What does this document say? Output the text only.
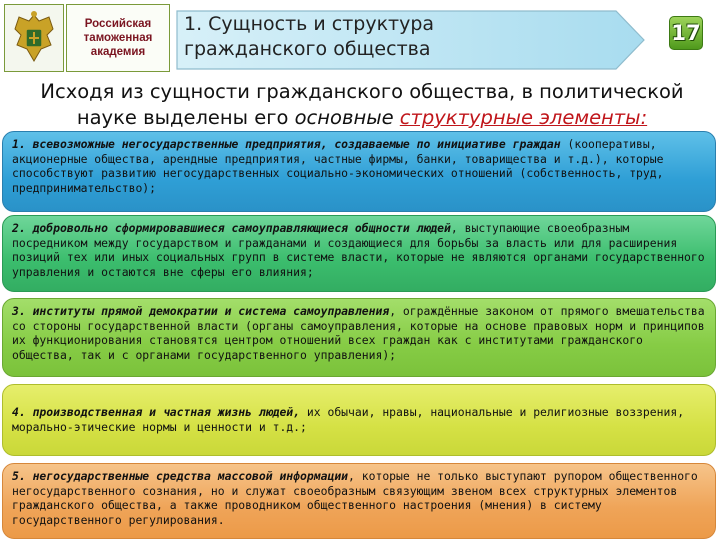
Российская
таможенная
академия
1. Сущность и структура
гражданского общества
17
Исходя из сущности гражданского общества, в политической науке выделены его основные структурные элементы:
1. всевозможные негосударственные предприятия, создаваемые по инициативе граждан (кооперативы, акционерные общества, арендные предприятия, частные фирмы, банки, товарищества и т.д.), которые способствуют развитию негосударственных социально-экономических отношений (собственность, труд, предпринимательство);
2. добровольно сформировавшиеся самоуправляющиеся общности людей, выступающие своеобразным посредником между государством и гражданами и создающиеся для борьбы за власть или для расширения позиций тех или иных социальных групп в системе власти, которые не являются органами государственного управления и остаются вне сферы его влияния;
3. институты прямой демократии и система самоуправления, ограждённые законом от прямого вмешательства со стороны государственной власти (органы самоуправления, которые на основе правовых норм и принципов их функционирования становятся центром отношений всех граждан как с институтами гражданского общества, так и с органами государственного управления);
4. производственная и частная жизнь людей, их обычаи, нравы, национальные и религиозные воззрения, морально-этические нормы и ценности и т.д.;
5. негосударственные средства массовой информации, которые не только выступают рупором общественного негосударственного сознания, но и служат своеобразным связующим звеном всех структурных элементов гражданского общества, а также проводником общественного настроения (мнения) в систему государственного регулирования.
